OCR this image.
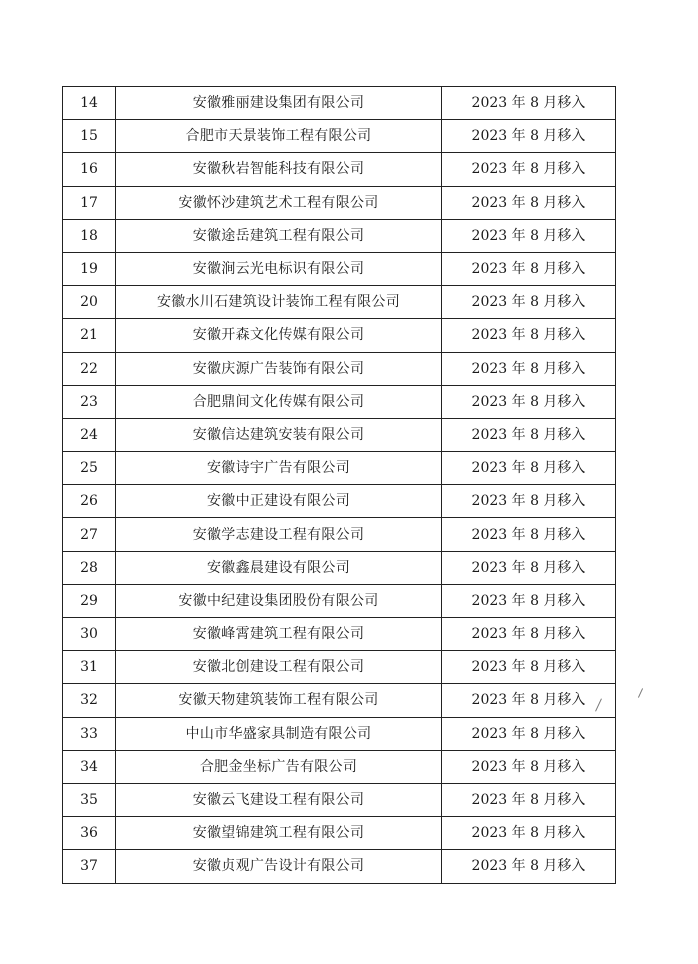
14	安徽雅丽建设集团有限公司	2023 年 8 月移入
15	合肥市天景装饰工程有限公司	2023 年 8 月移入
16	安徽秋岩智能科技有限公司	2023 年 8 月移入
17	安徽怀沙建筑艺术工程有限公司	2023 年 8 月移入
18	安徽途岳建筑工程有限公司	2023 年 8 月移入
19	安徽涧云光电标识有限公司	2023 年 8 月移入
20	安徽水川石建筑设计装饰工程有限公司	2023 年 8 月移入
21	安徽开森文化传媒有限公司	2023 年 8 月移入
22	安徽庆源广告装饰有限公司	2023 年 8 月移入
23	合肥鼎间文化传媒有限公司	2023 年 8 月移入
24	安徽信达建筑安装有限公司	2023 年 8 月移入
25	安徽诗宇广告有限公司	2023 年 8 月移入
26	安徽中正建设有限公司	2023 年 8 月移入
27	安徽学志建设工程有限公司	2023 年 8 月移入
28	安徽鑫晨建设有限公司	2023 年 8 月移入
29	安徽中纪建设集团股份有限公司	2023 年 8 月移入
30	安徽峰霄建筑工程有限公司	2023 年 8 月移入
31	安徽北创建设工程有限公司	2023 年 8 月移入
32	安徽天物建筑装饰工程有限公司	2023 年 8 月移入
33	中山市华盛家具制造有限公司	2023 年 8 月移入
34	合肥金坐标广告有限公司	2023 年 8 月移入
35	安徽云飞建设工程有限公司	2023 年 8 月移入
36	安徽望锦建筑工程有限公司	2023 年 8 月移入
37	安徽贞观广告设计有限公司	2023 年 8 月移入
